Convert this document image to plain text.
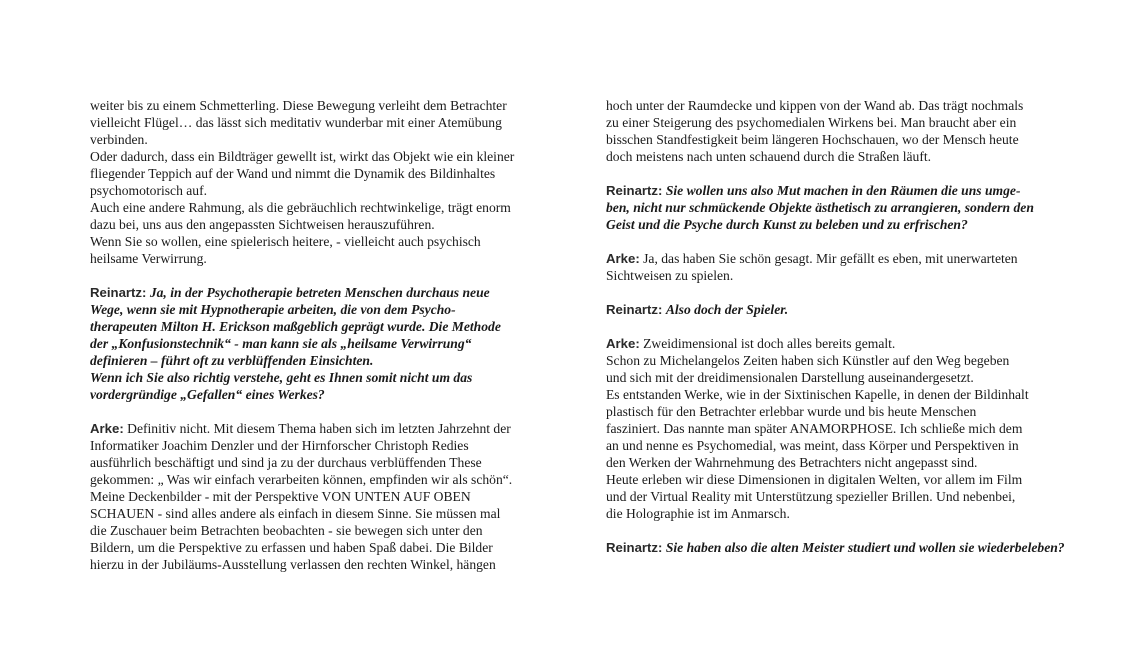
weiter bis zu einem Schmetterling. Diese Bewegung verleiht dem Betrachter
vielleicht Flügel… das lässt sich meditativ wunderbar mit einer Atemübung
verbinden.
Oder dadurch, dass ein Bildträger gewellt ist, wirkt das Objekt wie ein kleiner
fliegender Teppich auf der Wand und nimmt die Dynamik des Bildinhaltes
psychomotorisch auf.
Auch eine andere Rahmung, als die gebräuchlich rechtwinkelige, trägt enorm
dazu bei, uns aus den angepassten Sichtweisen herauszuführen.
Wenn Sie so wollen, eine spielerisch heitere, - vielleicht auch psychisch
heilsame Verwirrung.

Reinartz: Ja, in der Psychotherapie betreten Menschen durchaus neue
Wege, wenn sie mit Hypnotherapie arbeiten, die von dem Psycho-
therapeuten Milton H. Erickson maßgeblich geprägt wurde. Die Methode
der „Konfusionstechnik“ - man kann sie als „heilsame Verwirrung“
definieren – führt oft zu verblüffenden Einsichten.
Wenn ich Sie also richtig verstehe, geht es Ihnen somit nicht um das
vordergründige „Gefallen“ eines Werkes?

Arke: Definitiv nicht. Mit diesem Thema haben sich im letzten Jahrzehnt der
Informatiker Joachim Denzler und der Hirnforscher Christoph Redies
ausführlich beschäftigt und sind ja zu der durchaus verblüffenden These
gekommen: „ Was wir einfach verarbeiten können, empfinden wir als schön“.
Meine Deckenbilder - mit der Perspektive VON UNTEN AUF OBEN
SCHAUEN - sind alles andere als einfach in diesem Sinne. Sie müssen mal
die Zuschauer beim Betrachten beobachten - sie bewegen sich unter den
Bildern, um die Perspektive zu erfassen und haben Spaß dabei. Die Bilder
hierzu in der Jubiläums-Ausstellung verlassen den rechten Winkel, hängen

hoch unter der Raumdecke und kippen von der Wand ab. Das trägt nochmals
zu einer Steigerung des psychomedialen Wirkens bei. Man braucht aber ein
bisschen Standfestigkeit beim längeren Hochschauen, wo der Mensch heute
doch meistens nach unten schauend durch die Straßen läuft.

Reinartz: Sie wollen uns also Mut machen in den Räumen die uns umge-
ben, nicht nur schmückende Objekte ästhetisch zu arrangieren, sondern den
Geist und die Psyche durch Kunst zu beleben und zu erfrischen?

Arke: Ja, das haben Sie schön gesagt. Mir gefällt es eben, mit unerwarteten
Sichtweisen zu spielen.

Reinartz: Also doch der Spieler.

Arke: Zweidimensional ist doch alles bereits gemalt.
Schon zu Michelangelos Zeiten haben sich Künstler auf den Weg begeben
und sich mit der dreidimensionalen Darstellung auseinandergesetzt.
Es entstanden Werke, wie in der Sixtinischen Kapelle, in denen der Bildinhalt
plastisch für den Betrachter erlebbar wurde und bis heute Menschen
fasziniert. Das nannte man später ANAMORPHOSE. Ich schließe mich dem
an und nenne es Psychomedial, was meint, dass Körper und Perspektiven in
den Werken der Wahrnehmung des Betrachters nicht angepasst sind.
Heute erleben wir diese Dimensionen in digitalen Welten, vor allem im Film
und der Virtual Reality mit Unterstützung spezieller Brillen. Und nebenbei,
die Holographie ist im Anmarsch.

Reinartz: Sie haben also die alten Meister studiert und wollen sie wiederbeleben?
